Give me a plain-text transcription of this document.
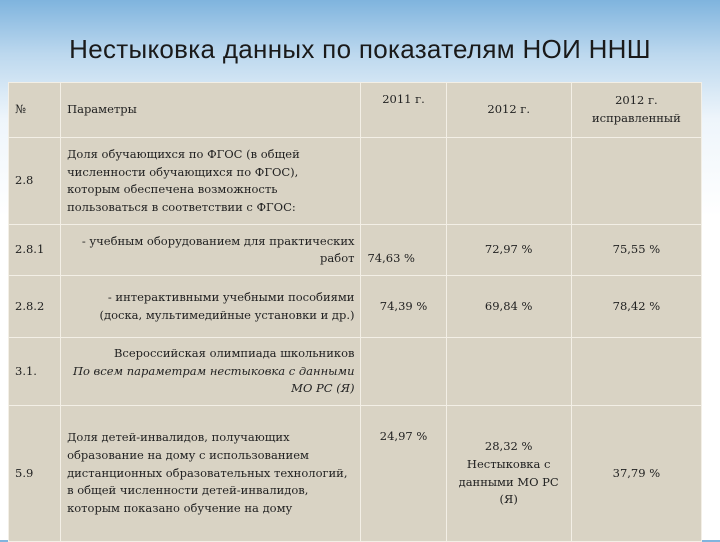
Нестыковка данных по показателям НОИ ННШ
№	Параметры	2011 г.	2012 г.	2012 г. исправленный
2.8	Доля обучающихся по ФГОС (в общей численности обучающихся по ФГОС), которым обеспечена возможность пользоваться в соответствии с ФГОС:			
2.8.1	- учебным оборудованием для практических работ	74,63 %	72,97 %	75,55 %
2.8.2	- интерактивными учебными пособиями (доска, мультимедийные установки и др.)	74,39 %	69,84 %	78,42 %
3.1.	Всероссийская олимпиада школьников
По всем параметрам нестыковка с данными МО РС (Я)			

5.9	Доля детей-инвалидов, получающих образование на дому с использованием дистанционных образовательных технологий, в общей численности детей-инвалидов, которым показано обучение на дому	24,97 %	28,32 % Нестыковка с данными МО РС (Я)	37,79 %
